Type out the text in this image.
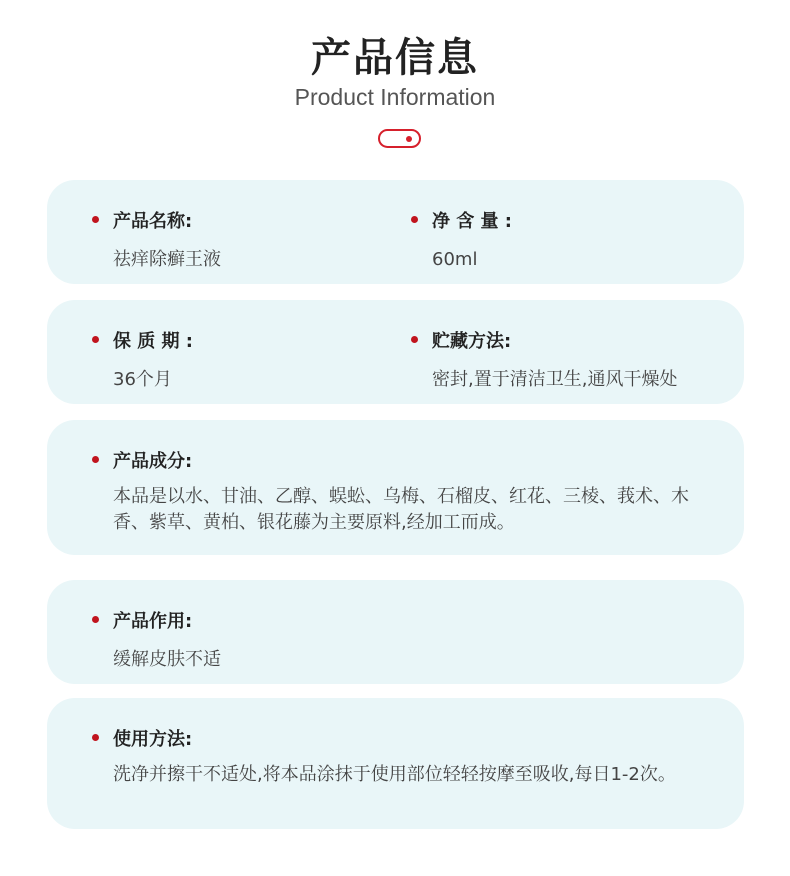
产品信息
Product Information
产品名称:
祛痒除癣王液
净 含 量 :
60ml
保 质 期 :
36个月
贮藏方法:
密封,置于清洁卫生,通风干燥处
产品成分:
本品是以水、甘油、乙醇、蜈蚣、乌梅、石榴皮、红花、三棱、莪术、木香、紫草、黄柏、银花藤为主要原料,经加工而成。
产品作用:
缓解皮肤不适
使用方法:
洗净并擦干不适处,将本品涂抹于使用部位轻轻按摩至吸收,每日1-2次。
